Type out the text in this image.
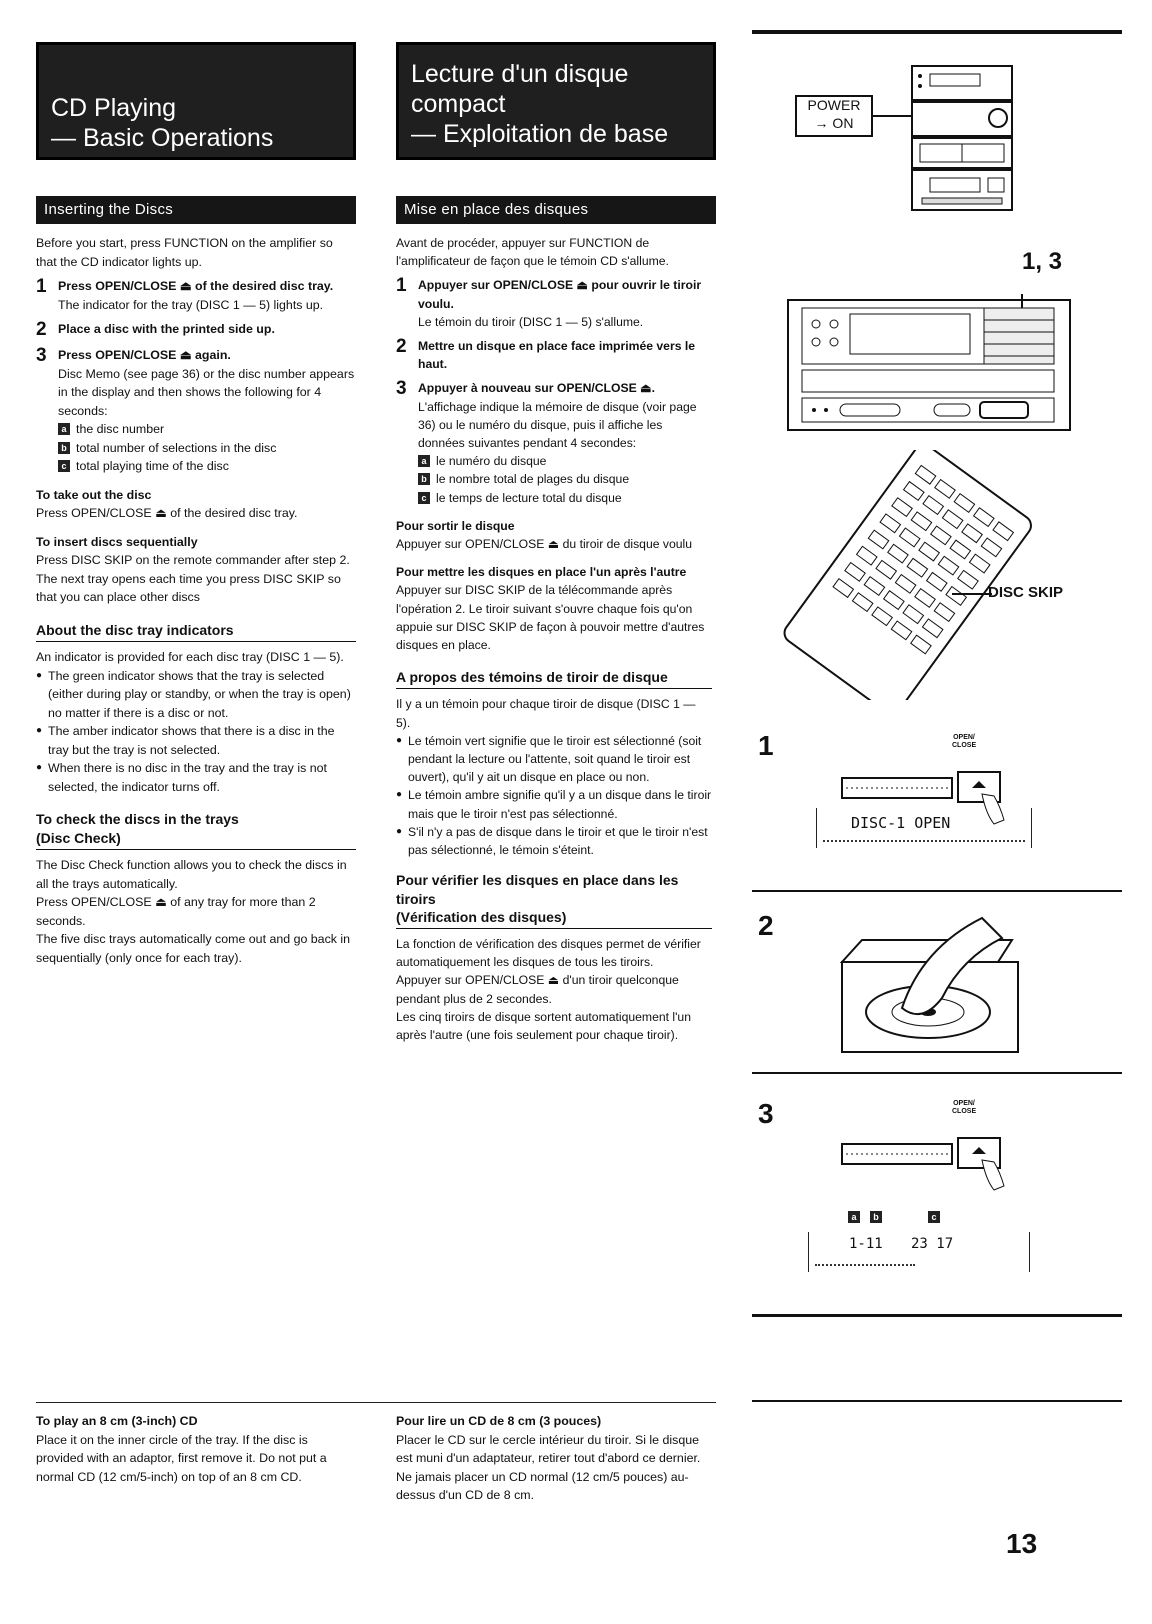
CD Playing
— Basic Operations
Lecture d'un disque
compact
— Exploitation de base
Inserting the Discs	Mise en place des disques

Before you start, press FUNCTION on the amplifier so that the CD indicator lights up.

1 Press OPEN/CLOSE ⏏ of the desired disc tray.
The indicator for the tray (DISC 1 — 5) lights up.
2 Place a disc with the printed side up.
3 Press OPEN/CLOSE ⏏ again.
Disc Memo (see page 36) or the disc number appears in the display and then shows the following for 4 seconds:
a the disc number
b total number of selections in the disc
c total playing time of the disc
To take out the disc

Press OPEN/CLOSE ⏏ of the desired disc tray.

To insert discs sequentially

Press DISC SKIP on the remote commander after step 2. The next tray opens each time you press DISC SKIP so that you can place other discs

About the disc tray indicators
An indicator is provided for each disc tray (DISC 1 — 5).
● The green indicator shows that the tray is selected (either during play or standby, or when the tray is open) no matter if there is a disc or not.
● The amber indicator shows that there is a disc in the tray but the tray is not selected.
● When there is no disc in the tray and the tray is not selected, the indicator turns off.
To check the discs in the trays
(Disc Check)
The Disc Check function allows you to check the discs in all the trays automatically.
Press OPEN/CLOSE ⏏ of any tray for more than 2 seconds.
The five disc trays automatically come out and go back in sequentially (only once for each tray).

Avant de procéder, appuyer sur FUNCTION de l'amplificateur de façon que le témoin CD s'allume.

1 Appuyer sur OPEN/CLOSE ⏏ pour ouvrir le tiroir voulu.
Le témoin du tiroir (DISC 1 — 5) s'allume.
2 Mettre un disque en place face imprimée vers le haut.
3 Appuyer à nouveau sur OPEN/CLOSE ⏏.
L'affichage indique la mémoire de disque (voir page 36) ou le numéro du disque, puis il affiche les données suivantes pendant 4 secondes:
a le numéro du disque
b le nombre total de plages du disque
c le temps de lecture total du disque
Pour sortir le disque

Appuyer sur OPEN/CLOSE ⏏ du tiroir de disque voulu

Pour mettre les disques en place l'un après l'autre

Appuyer sur DISC SKIP de la télécommande après l'opération 2. Le tiroir suivant s'ouvre chaque fois qu'on appuie sur DISC SKIP de façon à pouvoir mettre d'autres disques en place.

A propos des témoins de tiroir de disque
Il y a un témoin pour chaque tiroir de disque (DISC 1 — 5).
● Le témoin vert signifie que le tiroir est sélectionné (soit pendant la lecture ou l'attente, soit quand le tiroir est ouvert), qu'il y ait un disque en place ou non.
● Le témoin ambre signifie qu'il y a un disque dans le tiroir mais que le tiroir n'est pas sélectionné.
● S'il n'y a pas de disque dans le tiroir et que le tiroir n'est pas sélectionné, le témoin s'éteint.
Pour vérifier les disques en place dans les tiroirs
(Vérification des disques)
La fonction de vérification des disques permet de vérifier automatiquement les disques de tous les tiroirs.
Appuyer sur OPEN/CLOSE ⏏ d'un tiroir quelconque pendant plus de 2 secondes.
Les cinq tiroirs de disque sortent automatiquement l'un après l'autre (une fois seulement pour chaque tiroir).
To play an 8 cm (3-inch) CD
Place it on the inner circle of the tray. If the disc is provided with an adaptor, first remove it. Do not put a normal CD (12 cm/5-inch) on top of an 8 cm CD.
Pour lire un CD de 8 cm (3 pouces)
Placer le CD sur le cercle intérieur du tiroir. Si le disque est muni d'un adaptateur, retirer tout d'abord ce dernier. Ne jamais placer un CD normal (12 cm/5 pouces) au-dessus d'un CD de 8 cm.
POWER
→ ON
1, 3
DISC SKIP
1	OPEN/ CLOSE
DISC-1 OPEN
2
3	OPEN/ CLOSE
a	b	c
1-11 23 17
13
